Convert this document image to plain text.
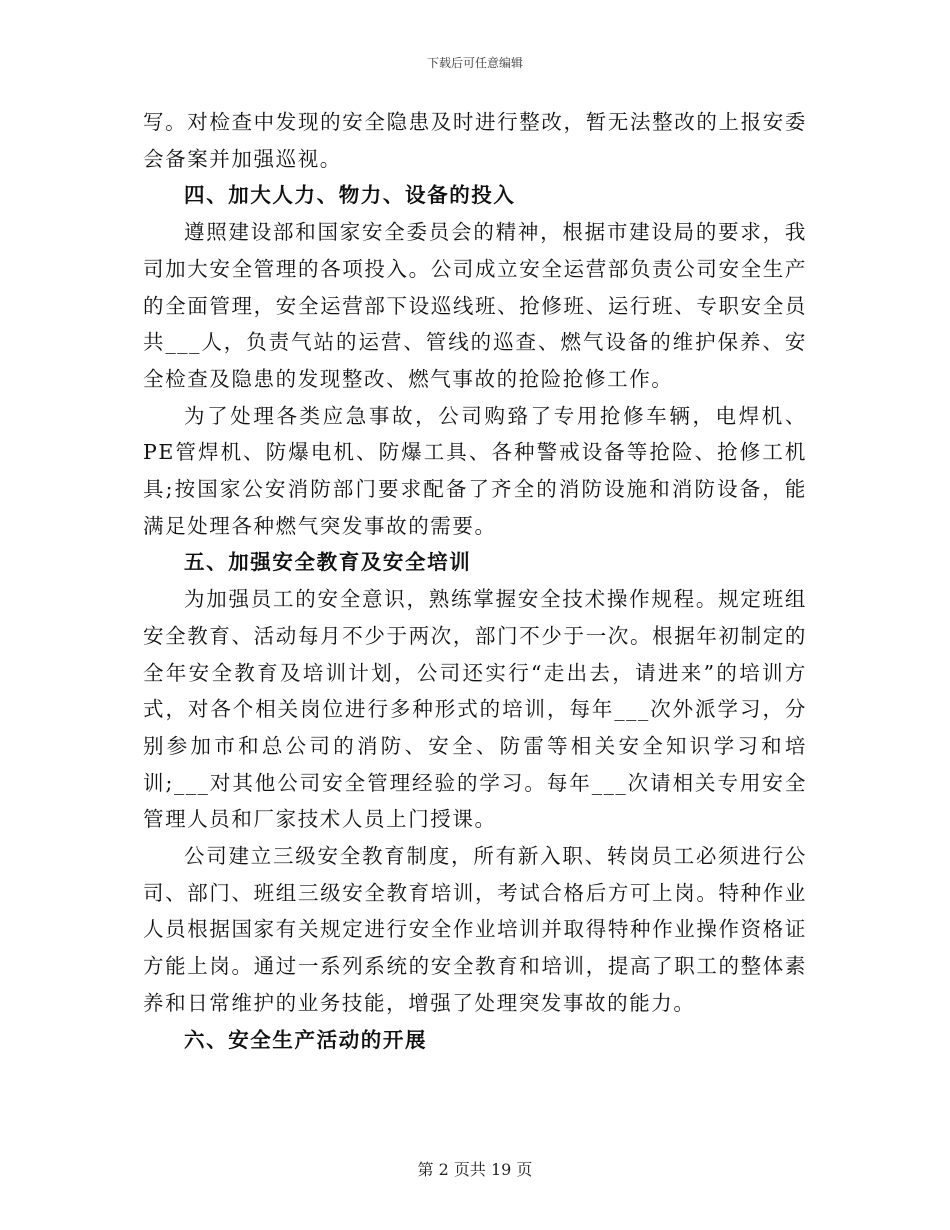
下载后可任意编辑

写。对检查中发现的安全隐患及时进行整改，暂无法整改的上报安委会备案并加强巡视。

四、加大人力、物力、设备的投入

遵照建设部和国家安全委员会的精神，根据市建设局的要求，我司加大安全管理的各项投入。公司成立安全运营部负责公司安全生产的全面管理，安全运营部下设巡线班、抢修班、运行班、专职安全员共___人，负责气站的运营、管线的巡查、燃气设备的维护保养、安全检查及隐患的发现整改、燃气事故的抢险抢修工作。

为了处理各类应急事故，公司购臵了专用抢修车辆，电焊机、PE管焊机、防爆电机、防爆工具、各种警戒设备等抢险、抢修工机具;按国家公安消防部门要求配备了齐全的消防设施和消防设备，能满足处理各种燃气突发事故的需要。

五、加强安全教育及安全培训

为加强员工的安全意识，熟练掌握安全技术操作规程。规定班组安全教育、活动每月不少于两次，部门不少于一次。根据年初制定的全年安全教育及培训计划，公司还实行“走出去，请进来”的培训方式，对各个相关岗位进行多种形式的培训，每年___次外派学习，分别参加市和总公司的消防、安全、防雷等相关安全知识学习和培训;___对其他公司安全管理经验的学习。每年___次请相关专用安全管理人员和厂家技术人员上门授课。

公司建立三级安全教育制度，所有新入职、转岗员工必须进行公司、部门、班组三级安全教育培训，考试合格后方可上岗。特种作业人员根据国家有关规定进行安全作业培训并取得特种作业操作资格证方能上岗。通过一系列系统的安全教育和培训，提高了职工的整体素养和日常维护的业务技能，增强了处理突发事故的能力。

六、安全生产活动的开展

第 2 页共 19 页
